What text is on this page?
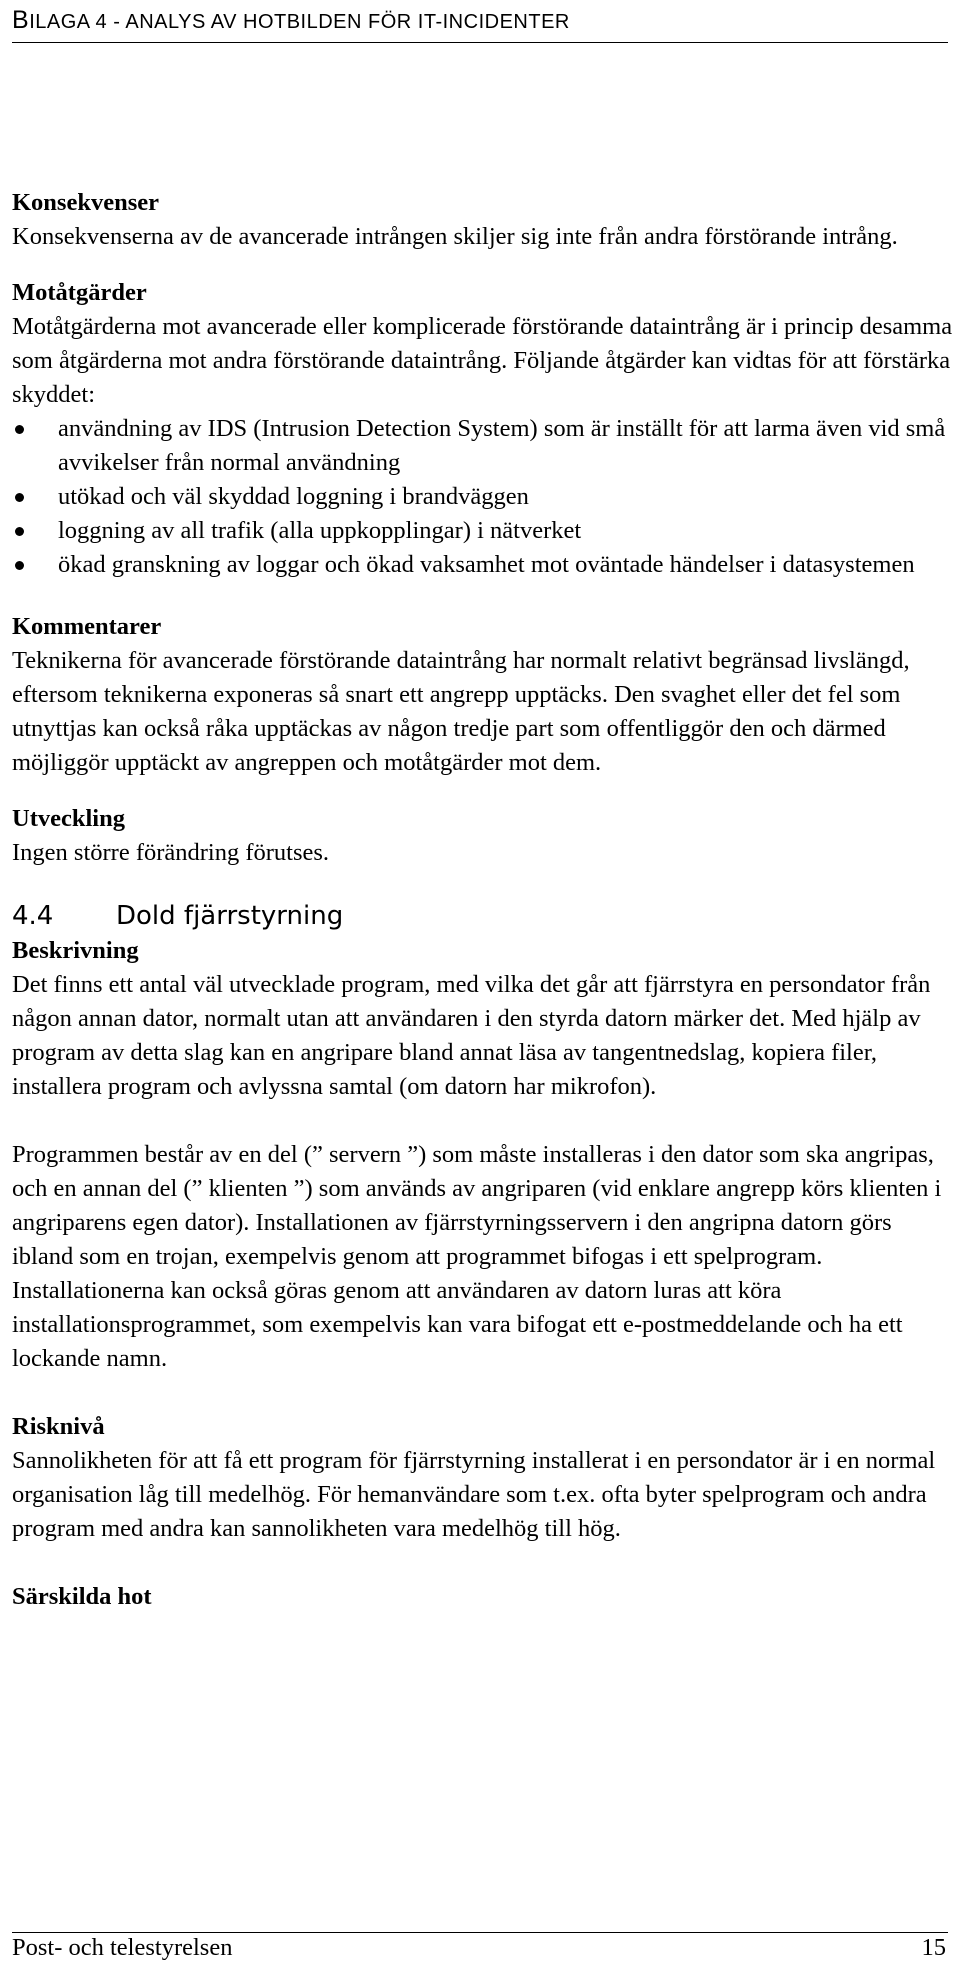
BILAGA 4 - ANALYS AV HOTBILDEN FÖR IT-INCIDENTER

Konsekvenser

Konsekvenserna av de avancerade intrången skiljer sig inte från andra förstörande intrång.

Motåtgärder

Motåtgärderna mot avancerade eller komplicerade förstörande dataintrång är i princip desamma som åtgärderna mot andra förstörande dataintrång. Följande åtgärder kan vidtas för att förstärka skyddet:

användning av IDS (Intrusion Detection System) som är inställt för att larma även vid små avvikelser från normal användning
utökad och väl skyddad loggning i brandväggen
loggning av all trafik (alla uppkopplingar) i nätverket
ökad granskning av loggar och ökad vaksamhet mot oväntade händelser i datasystemen

Kommentarer

Teknikerna för avancerade förstörande dataintrång har normalt relativt begränsad livslängd, eftersom teknikerna exponeras så snart ett angrepp upptäcks. Den svaghet eller det fel som utnyttjas kan också råka upptäckas av någon tredje part som offentliggör den och därmed möjliggör upptäckt av angreppen och motåtgärder mot dem.

Utveckling

Ingen större förändring förutses.

4.4 Dold fjärrstyrning

Beskrivning

Det finns ett antal väl utvecklade program, med vilka det går att fjärrstyra en persondator från någon annan dator, normalt utan att användaren i den styrda datorn märker det. Med hjälp av program av detta slag kan en angripare bland annat läsa av tangentnedslag, kopiera filer, installera program och avlyssna samtal (om datorn har mikrofon).

Programmen består av en del (” servern ”) som måste installeras i den dator som ska angripas, och en annan del (” klienten ”) som används av angriparen (vid enklare angrepp körs klienten i angriparens egen dator). Installationen av fjärrstyrningsservern i den angripna datorn görs ibland som en trojan, exempelvis genom att programmet bifogas i ett spelprogram. Installationerna kan också göras genom att användaren av datorn luras att köra installationsprogrammet, som exempelvis kan vara bifogat ett e-postmeddelande och ha ett lockande namn.

Risknivå

Sannolikheten för att få ett program för fjärrstyrning installerat i en persondator är i en normal organisation låg till medelhög. För hemanvändare som t.ex. ofta byter spelprogram och andra program med andra kan sannolikheten vara medelhög till hög.

Särskilda hot

Post- och telestyrelsen	15
